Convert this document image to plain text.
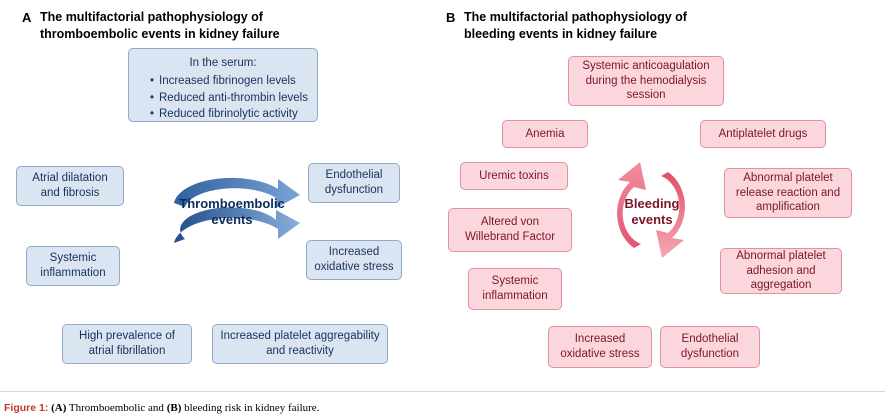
A The multifactorial pathophysiology of thromboembolic events in kidney failure
In the serum:
• Increased fibrinogen levels
• Reduced anti-thrombin levels
• Reduced fibrinolytic activity
Thromboembolic
events
Atrial dilatation and fibrosis
Endothelial dysfunction
Systemic inflammation
Increased oxidative stress
High prevalence of atrial fibrillation
Increased platelet aggregability and reactivity
B The multifactorial pathophysiology of bleeding events in kidney failure
Bleeding
events
Systemic anticoagulation during the hemodialysis session
Anemia	Antiplatelet drugs
Uremic toxins	Abnormal platelet release reaction and amplification
Altered von Willebrand Factor
Abnormal platelet adhesion and aggregation
Systemic inflammation
Increased oxidative stress
Endothelial dysfunction
Figure 1: (A) Thromboembolic and (B) bleeding risk in kidney failure.
